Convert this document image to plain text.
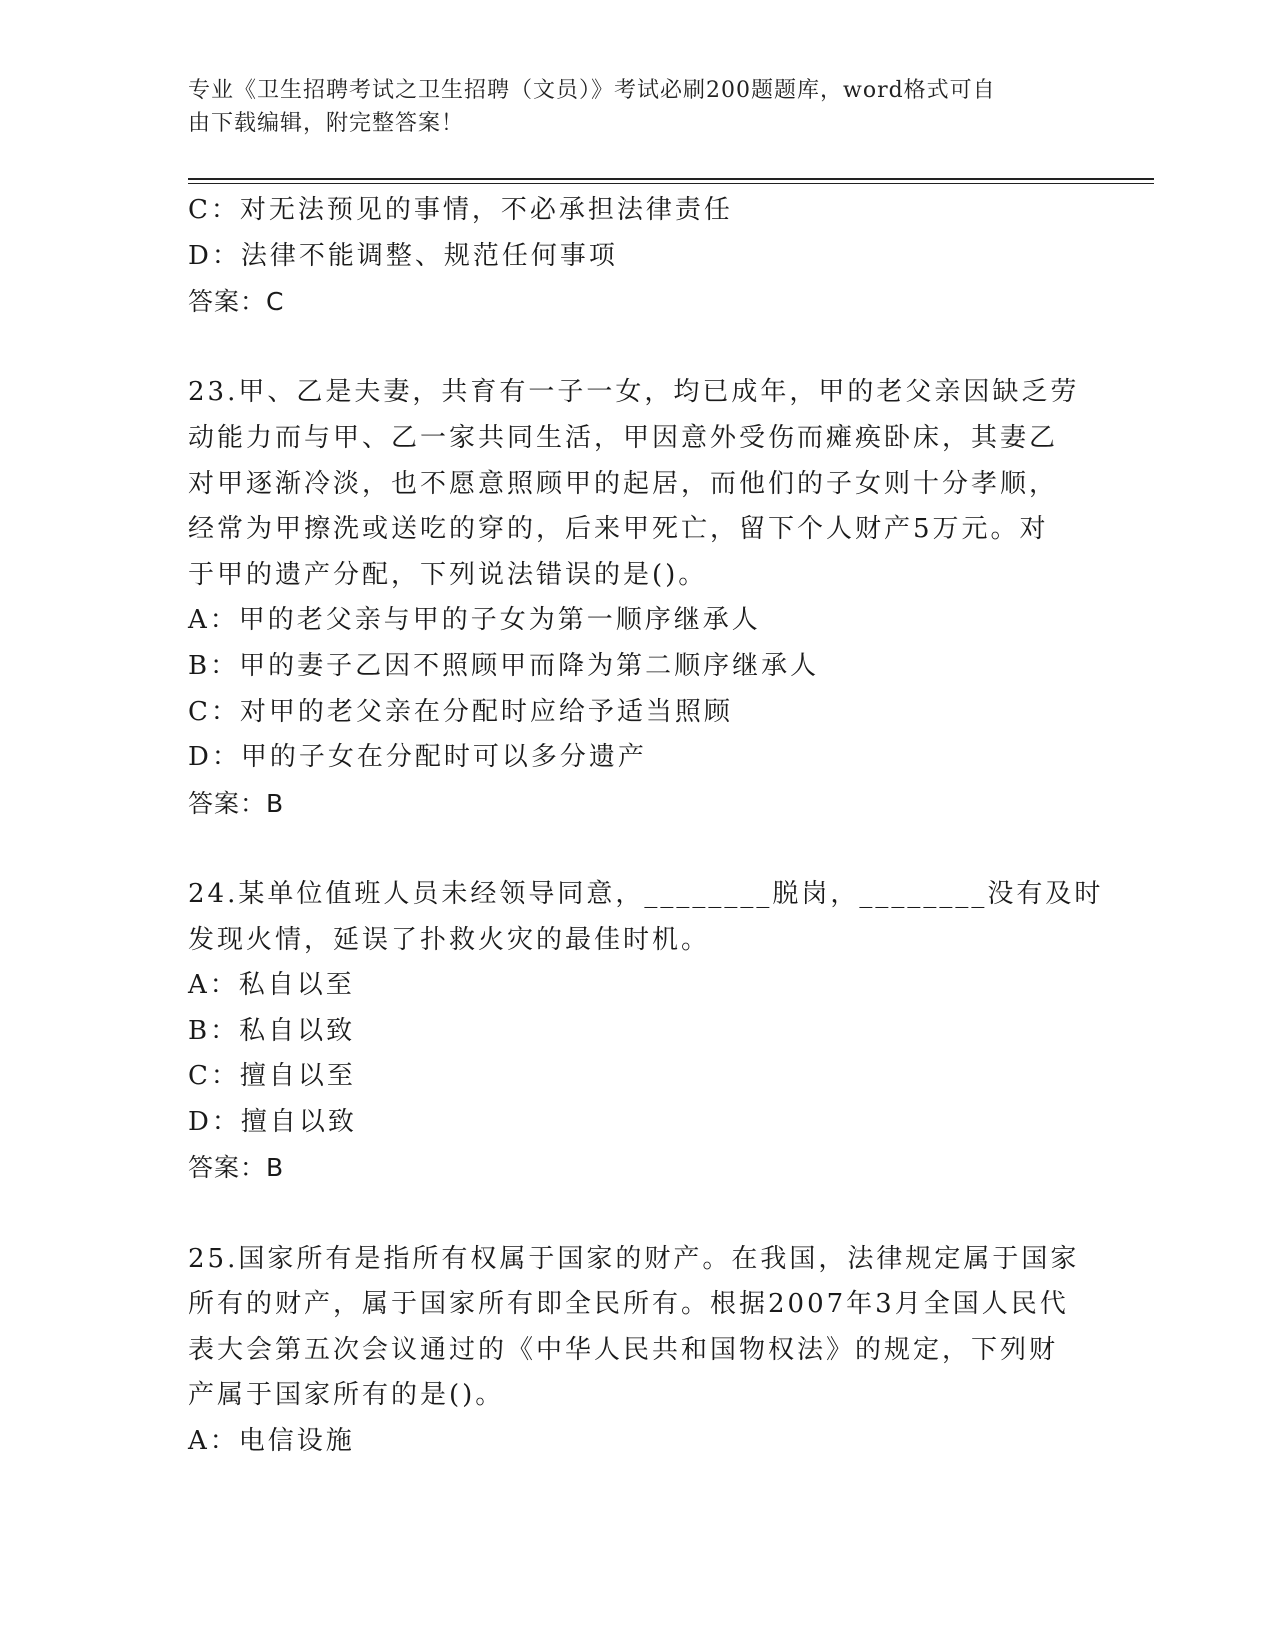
专业《卫生招聘考试之卫生招聘（文员）》考试必刷200题题库，word格式可自
由下载编辑，附完整答案！
C：对无法预见的事情，不必承担法律责任
D：法律不能调整、规范任何事项
答案：C
23.甲、乙是夫妻，共育有一子一女，均已成年，甲的老父亲因缺乏劳
动能力而与甲、乙一家共同生活，甲因意外受伤而瘫痪卧床，其妻乙
对甲逐渐冷淡，也不愿意照顾甲的起居，而他们的子女则十分孝顺，
经常为甲擦洗或送吃的穿的，后来甲死亡，留下个人财产5万元。对
于甲的遗产分配，下列说法错误的是()。
A：甲的老父亲与甲的子女为第一顺序继承人
B：甲的妻子乙因不照顾甲而降为第二顺序继承人
C：对甲的老父亲在分配时应给予适当照顾
D：甲的子女在分配时可以多分遗产
答案：B
24.某单位值班人员未经领导同意，________脱岗，________没有及时
发现火情，延误了扑救火灾的最佳时机。
A：私自以至
B：私自以致
C：擅自以至
D：擅自以致
答案：B
25.国家所有是指所有权属于国家的财产。在我国，法律规定属于国家
所有的财产，属于国家所有即全民所有。根据2007年3月全国人民代
表大会第五次会议通过的《中华人民共和国物权法》的规定，下列财
产属于国家所有的是()。
A：电信设施
